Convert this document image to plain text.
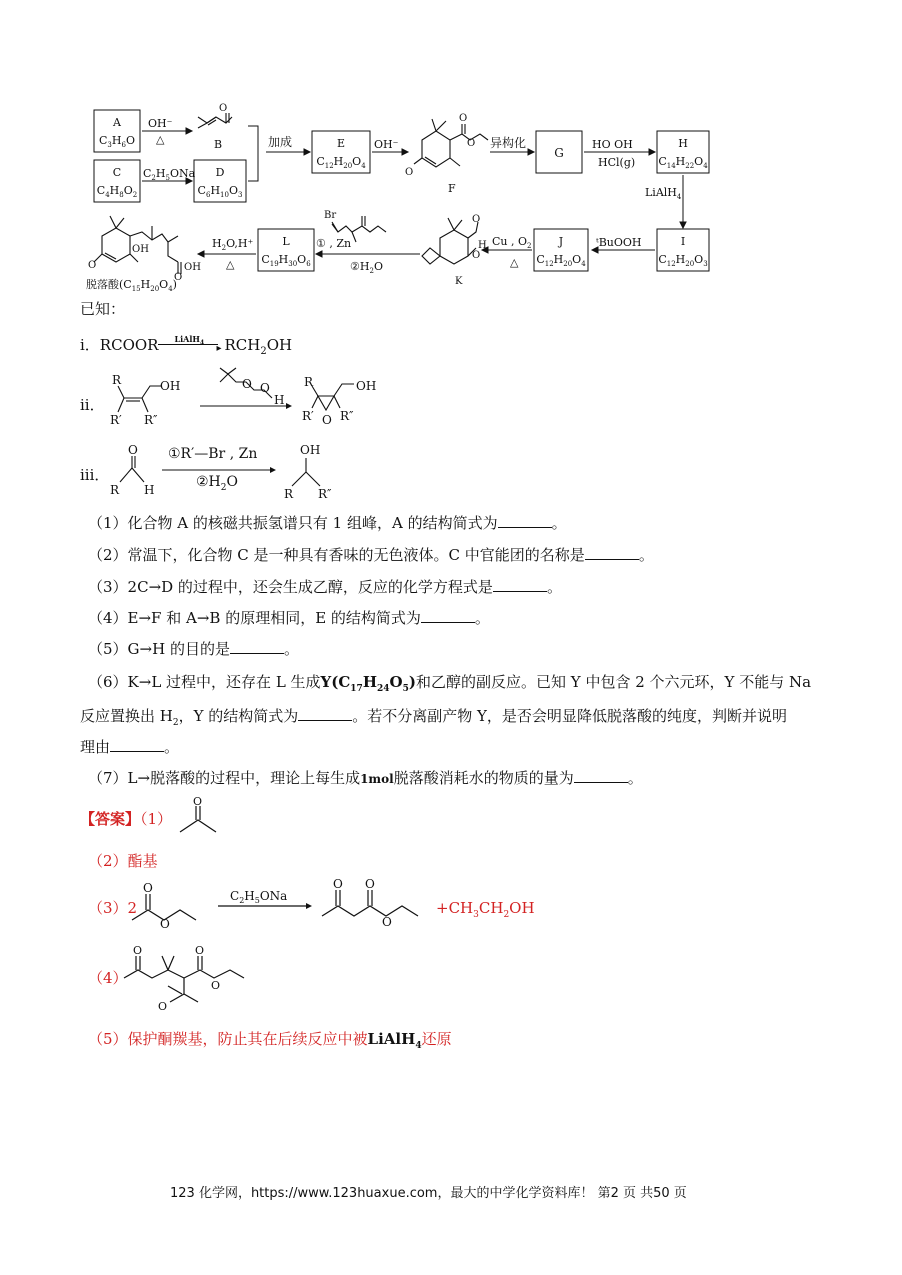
A
$C_3H_6O$
C
$C_4H_8O_2$
D
$C_6H_{10}O_3$
E
$C_{12}H_{20}O_4$
G
H
$C_{14}H_{22}O_4$
I
$C_{12}H_{20}O_3$
J
$C_{12}H_{20}O_4$
L
$C_{19}H_{30}O_6$
O
O
O
O
H
O
O
K
Br
OH
O	OH
O
B
F
OH⁻
△
$C_2H_5ONa$
加成	OH⁻	异构化	HO OH
HCl(g)
LiAlH$_4$
ᵗBuOOH
Cu , $O_2$
△
① , Zn
$②H_2O$
$H_2O,H^+$
△
脱落酸$(C_{15}H_{20}O_4)$
已知：
i．RCOOR LiAlH$_4$ ▸ $RCH_2OH$
ii．
R
R′ R″
OH	O O
H
R
R′ O R″
OH
iii．
O
R H
OH
R R″
①R′—Br , Zn
$②H_2O$
（1）化合物 A 的核磁共振氢谱只有 1 组峰，A 的结构简式为	。
（2）常温下，化合物 C 是一种具有香味的无色液体。C 中官能团的名称是	。
（3）2C→D 的过程中，还会生成乙醇，反应的化学方程式是	。
（4）E→F 和 A→B 的原理相同，E 的结构简式为	。
（5）G→H 的目的是	。
（6）K→L 过程中，还存在 L 生成$Y(C_{17}H_{24}O_5)$和乙醇的副反应。已知 Y 中包含 2 个六元环，Y 不能与 Na
反应置换出 $H_2$，Y 的结构简式为	。若不分离副产物 Y，是否会明显降低脱落酸的纯度，判断并说明
理由	。
（7）L→脱落酸的过程中，理论上每生成1mol脱落酸消耗水的物质的量为	。
【答案】（1）
O
（2）酯基
（3）2
O
O
O O
O
$C_2H_5ONa$
$+CH_3CH_2OH$
（4）
O	O
O
O
（5）保护酮羰基，防止其在后续反应中被LiAlH$_4$还原
123 化学网，https://www.123huaxue.com，最大的中学化学资料库！ 第2 页 共50 页
